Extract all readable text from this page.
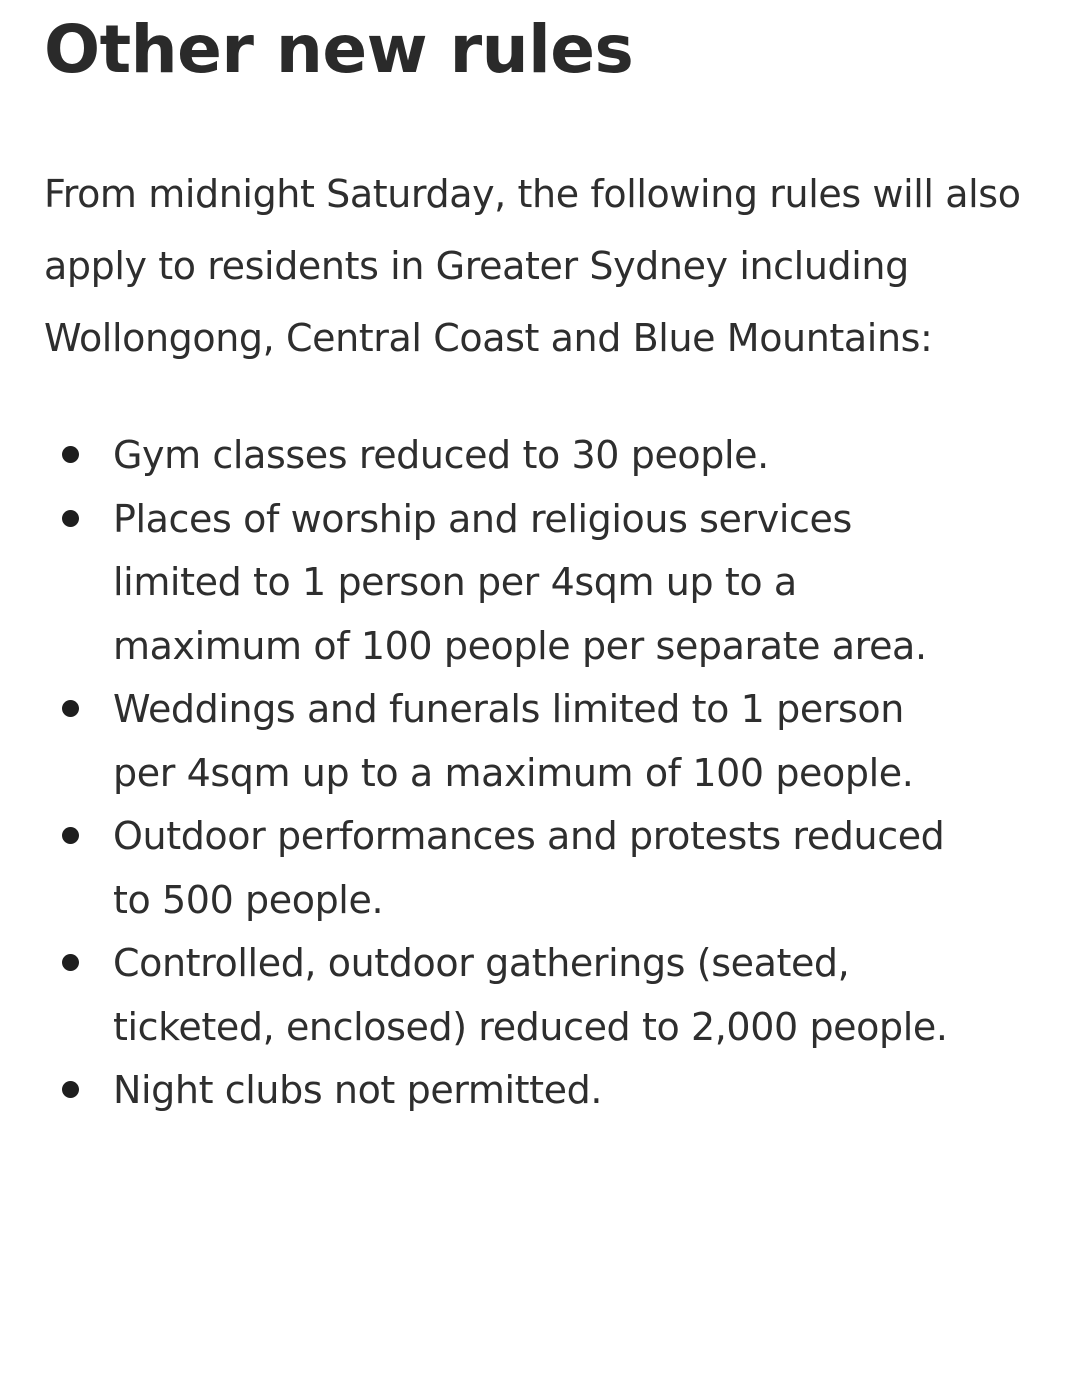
Other new rules

From midnight Saturday, the following rules will also apply to residents in Greater Sydney including Wollongong, Central Coast and Blue Mountains:

Gym classes reduced to 30 people.
Places of worship and religious services limited to 1 person per 4sqm up to a maximum of 100 people per separate area.
Weddings and funerals limited to 1 person per 4sqm up to a maximum of 100 people.
Outdoor performances and protests reduced to 500 people.
Controlled, outdoor gatherings (seated, ticketed, enclosed) reduced to 2,000 people.
Night clubs not permitted.
